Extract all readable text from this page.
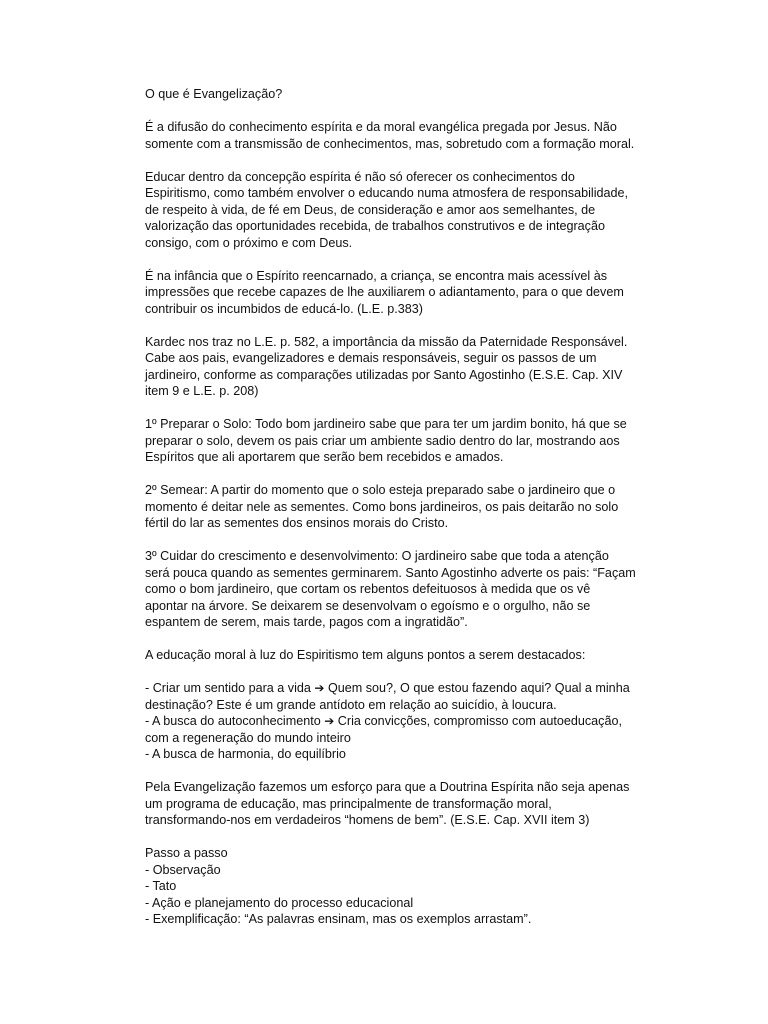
O que é Evangelização?

É a difusão do conhecimento espírita e da moral evangélica pregada por Jesus. Não
somente com a transmissão de conhecimentos, mas, sobretudo com a formação moral.

Educar dentro da concepção espírita é não só oferecer os conhecimentos do
Espiritismo, como também envolver o educando numa atmosfera de responsabilidade,
de respeito à vida, de fé em Deus, de consideração e amor aos semelhantes, de
valorização das oportunidades recebida, de trabalhos construtivos e de integração
consigo, com o próximo e com Deus.

É na infância que o Espírito reencarnado, a criança, se encontra mais acessível às
impressões que recebe capazes de lhe auxiliarem o adiantamento, para o que devem
contribuir os incumbidos de educá-lo. (L.E. p.383)

Kardec nos traz no L.E. p. 582, a importância da missão da Paternidade Responsável.
Cabe aos pais, evangelizadores e demais responsáveis, seguir os passos de um
jardineiro, conforme as comparações utilizadas por Santo Agostinho (E.S.E. Cap. XIV
item 9 e L.E. p. 208)

1º Preparar o Solo: Todo bom jardineiro sabe que para ter um jardim bonito, há que se
preparar o solo, devem os pais criar um ambiente sadio dentro do lar, mostrando aos
Espíritos que ali aportarem que serão bem recebidos e amados.

2º Semear: A partir do momento que o solo esteja preparado sabe o jardineiro que o
momento é deitar nele as sementes. Como bons jardineiros, os pais deitarão no solo
fértil do lar as sementes dos ensinos morais do Cristo.

3º Cuidar do crescimento e desenvolvimento: O jardineiro sabe que toda a atenção
será pouca quando as sementes germinarem. Santo Agostinho adverte os pais: “Façam
como o bom jardineiro, que cortam os rebentos defeituosos à medida que os vê
apontar na árvore. Se deixarem se desenvolvam o egoísmo e o orgulho, não se
espantem de serem, mais tarde, pagos com a ingratidão”.

A educação moral à luz do Espiritismo tem alguns pontos a serem destacados:

- Criar um sentido para a vida ➔ Quem sou?, O que estou fazendo aqui? Qual a minha
destinação? Este é um grande antídoto em relação ao suicídio, à loucura.
- A busca do autoconhecimento ➔ Cria convicções, compromisso com autoeducação,
com a regeneração do mundo inteiro
- A busca de harmonia, do equilíbrio

Pela Evangelização fazemos um esforço para que a Doutrina Espírita não seja apenas
um programa de educação, mas principalmente de transformação moral,
transformando-nos em verdadeiros “homens de bem”. (E.S.E. Cap. XVII item 3)

Passo a passo
- Observação
- Tato
- Ação e planejamento do processo educacional
- Exemplificação: “As palavras ensinam, mas os exemplos arrastam”.
